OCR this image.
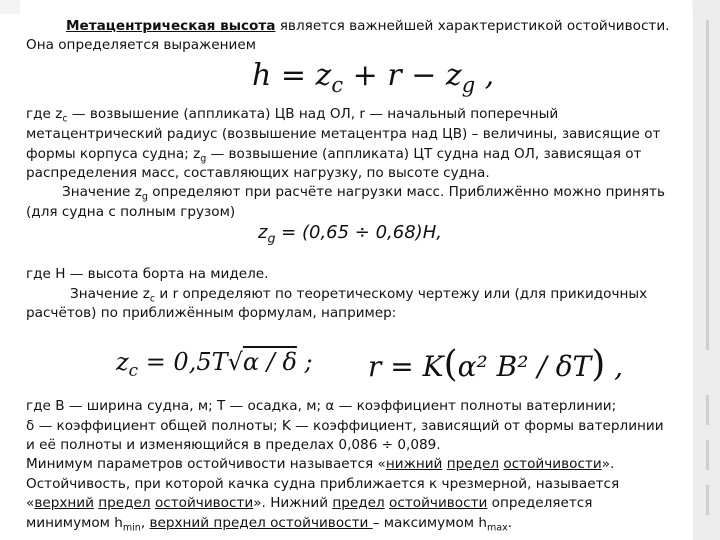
Метацентрическая высота является важнейшей характеристикой остойчивости.
Она определяется выражением
$h = z_c + r - z_g$ ,
где $z_c$ — возвышение (аппликата) ЦВ над ОЛ, r — начальный поперечный
метацентрический радиус (возвышение метацентра над ЦВ) – величины, зависящие от
формы корпуса судна; $z_g$ — возвышение (аппликата) ЦТ судна над ОЛ, зависящая от
распределения масс, составляющих нагрузку, по высоте судна.
Значение $z_g$ определяют при расчёте нагрузки масс. Приближённо можно принять
(для судна с полным грузом)
$z_g = (0,65 \div 0,68)H$,
где H — высота борта на миделе.
Значение $z_c$ и r определяют по теоретическому чертежу или (для прикидочных
расчётов) по приближённым формулам, например:
$z_c = 0,5T√\alpha / \delta$ ; r = K(α² B² / δT) ,
где B — ширина судна, м; T — осадка, м; α — коэффициент полноты ватерлинии;
δ — коэффициент общей полноты; K — коэффициент, зависящий от формы ватерлинии
и её полноты и изменяющийся в пределах 0,086 ÷ 0,089.
Минимум параметров остойчивости называется «нижний предел остойчивости».
Остойчивость, при которой качка судна приближается к чрезмерной, называется
«верхний предел остойчивости». Нижний предел остойчивости определяется
минимумом $h_{min}$, верхний предел остойчивости – максимумом $h_{max}$.
